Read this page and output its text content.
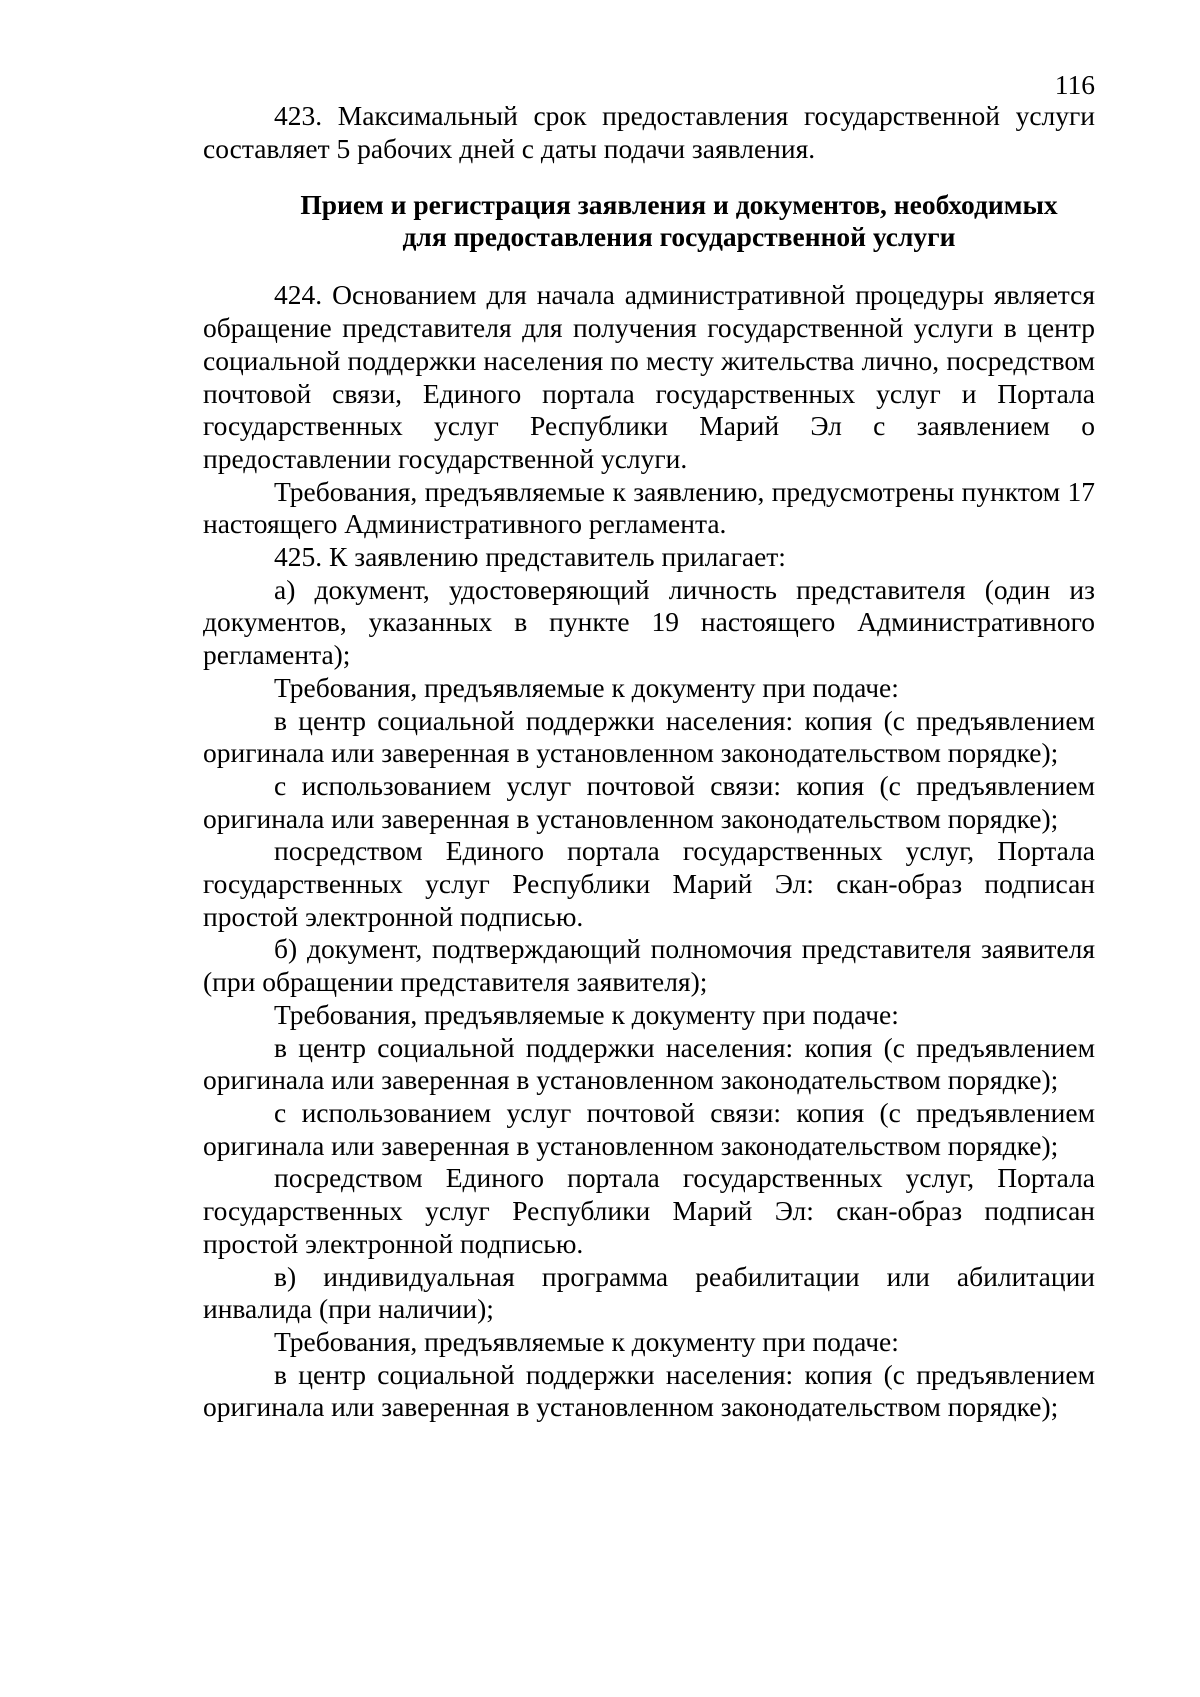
116

423. Максимальный срок предоставления государственной услуги составляет 5 рабочих дней с даты подачи заявления.

Прием и регистрация заявления и документов, необходимых
для предоставления государственной услуги

424. Основанием для начала административной процедуры является обращение представителя для получения государственной услуги в центр социальной поддержки населения по месту жительства лично, посредством почтовой связи, Единого портала государственных услуг и Портала государственных услуг Республики Марий Эл с заявлением о предоставлении государственной услуги.

Требования, предъявляемые к заявлению, предусмотрены пунктом 17 настоящего Административного регламента.

425. К заявлению представитель прилагает:

а) документ, удостоверяющий личность представителя (один из документов, указанных в пункте 19 настоящего Административного регламента);

Требования, предъявляемые к документу при подаче:

в центр социальной поддержки населения: копия (с предъявлением оригинала или заверенная в установленном законодательством порядке);

с использованием услуг почтовой связи: копия (с предъявлением оригинала или заверенная в установленном законодательством порядке);

посредством Единого портала государственных услуг, Портала государственных услуг Республики Марий Эл: скан-образ подписан простой электронной подписью.

б) документ, подтверждающий полномочия представителя заявителя (при обращении представителя заявителя);

Требования, предъявляемые к документу при подаче:

в центр социальной поддержки населения: копия (с предъявлением оригинала или заверенная в установленном законодательством порядке);

с использованием услуг почтовой связи: копия (с предъявлением оригинала или заверенная в установленном законодательством порядке);

посредством Единого портала государственных услуг, Портала государственных услуг Республики Марий Эл: скан-образ подписан простой электронной подписью.

в) индивидуальная программа реабилитации или абилитации инвалида (при наличии);

Требования, предъявляемые к документу при подаче:

в центр социальной поддержки населения: копия (с предъявлением оригинала или заверенная в установленном законодательством порядке);
